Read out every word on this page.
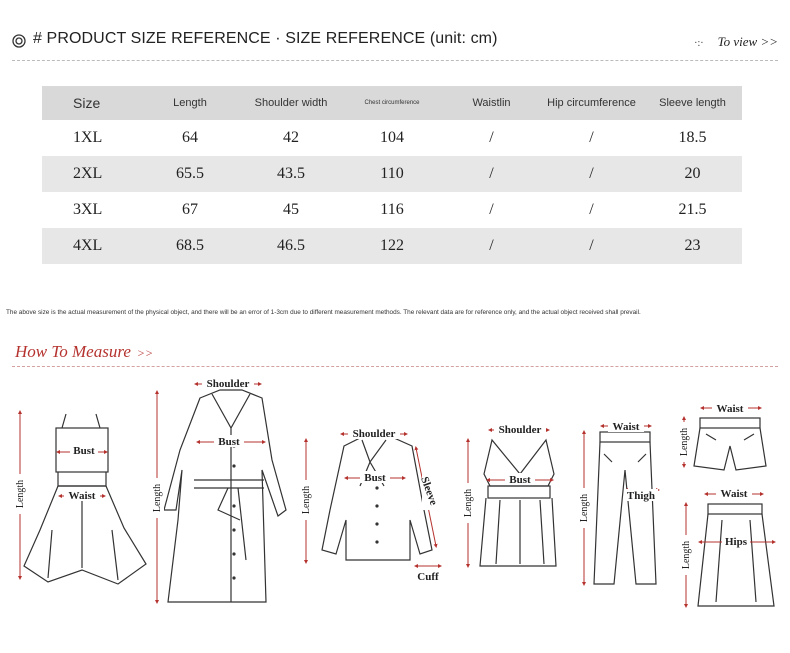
# PRODUCT SIZE REFERENCE · SIZE REFERENCE (unit: cm)	·:· To view >>
Size	Length	Shoulder width	Chest circumference	Waistlin	Hip circumference	Sleeve length
1XL	64	42	104	/	/	18.5
2XL	65.5	43.5	110	/	/	20
3XL	67	45	116	/	/	21.5
4XL	68.5	46.5	122	/	/	23
The above size is the actual measurement of the physical object, and there will be an error of 1-3cm due to different measurement methods. The relevant data are for reference only, and the actual object received shall prevail.
How To Measure >>
Bust
Waist
Length
Shoulder
Bust
Length
Shoulder
Bust
Length	Sleeve
Cuff
Shoulder
Bust
Length
Waist
Thigh
Length
Waist
Length
Waist
Hips
Length
